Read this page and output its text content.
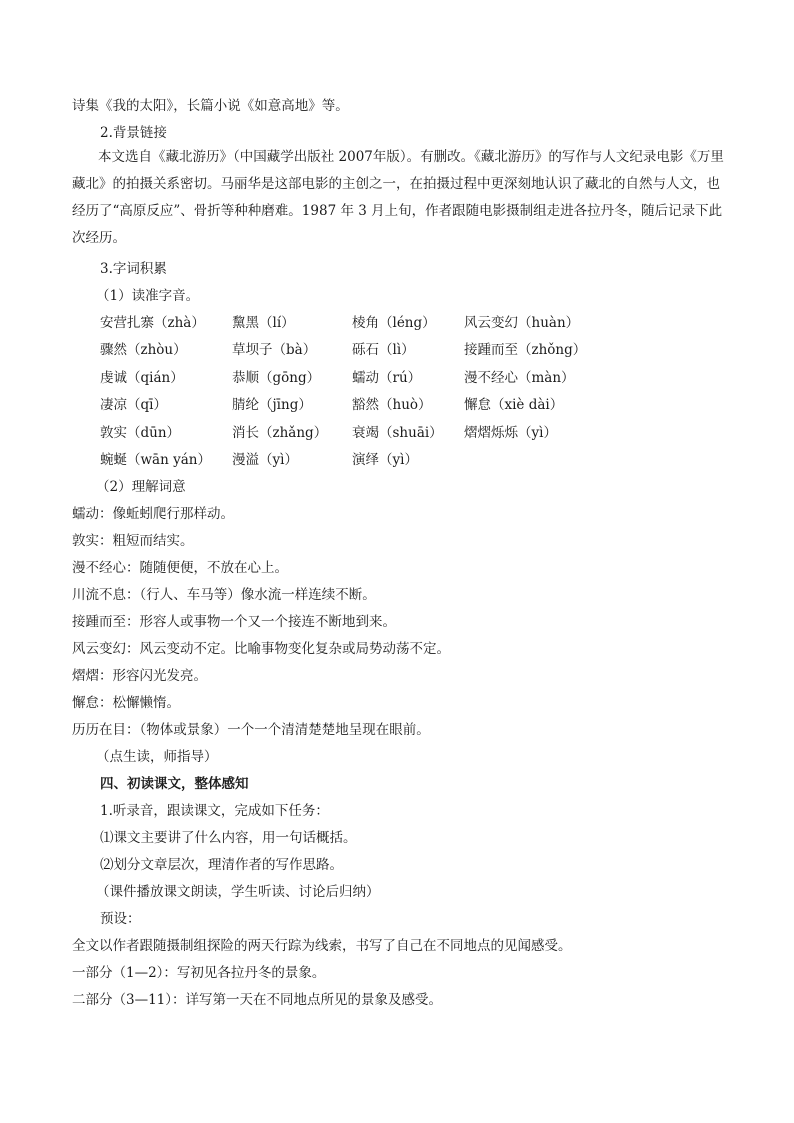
诗集《我的太阳》，长篇小说《如意高地》等。
2.背景链接
本文选自《藏北游历》（中国藏学出版社 2007年版）。有删改。《藏北游历》的写作与人文纪录电影《万里藏北》的拍摄关系密切。马丽华是这部电影的主创之一，在拍摄过程中更深刻地认识了藏北的自然与人文，也经历了“高原反应”、骨折等种种磨难。1987 年 3 月上旬，作者跟随电影摄制组走进各拉丹冬，随后记录下此次经历。
3.字词积累
（1）读准字音。
安营扎寨（zhà） 黧黑（lí）	棱角（léng） 风云变幻（huàn）
骤然（zhòu）	草坝子（bà）	砾石（lì）	接踵而至（zhǒng）
虔诚（qián）	恭顺（gōng） 蠕动（rú）	漫不经心（màn）
凄凉（qī）	腈纶（jīng）	豁然（huò） 懈怠（xiè dài）
敦实（dūn）	消长（zhǎng） 衰竭（shuāi） 熠熠烁烁（yì）
蜿蜒（wān yán） 漫溢（yì）	演绎（yì）
（2）理解词意
蠕动：像蚯蚓爬行那样动。
敦实：粗短而结实。
漫不经心：随随便便，不放在心上。
川流不息：（行人、车马等）像水流一样连续不断。
接踵而至：形容人或事物一个又一个接连不断地到来。
风云变幻：风云变动不定。比喻事物变化复杂或局势动荡不定。
熠熠：形容闪光发亮。
懈怠：松懈懒惰。
历历在目：（物体或景象）一个一个清清楚楚地呈现在眼前。
（点生读，师指导）
四、初读课文，整体感知
1.听录音，跟读课文，完成如下任务：
⑴课文主要讲了什么内容，用一句话概括。
⑵划分文章层次，理清作者的写作思路。
（课件播放课文朗读，学生听读、讨论后归纳）
预设：
全文以作者跟随摄制组探险的两天行踪为线索，书写了自己在不同地点的见闻感受。
一部分（1—2）：写初见各拉丹冬的景象。
二部分（3—11）：详写第一天在不同地点所见的景象及感受。
